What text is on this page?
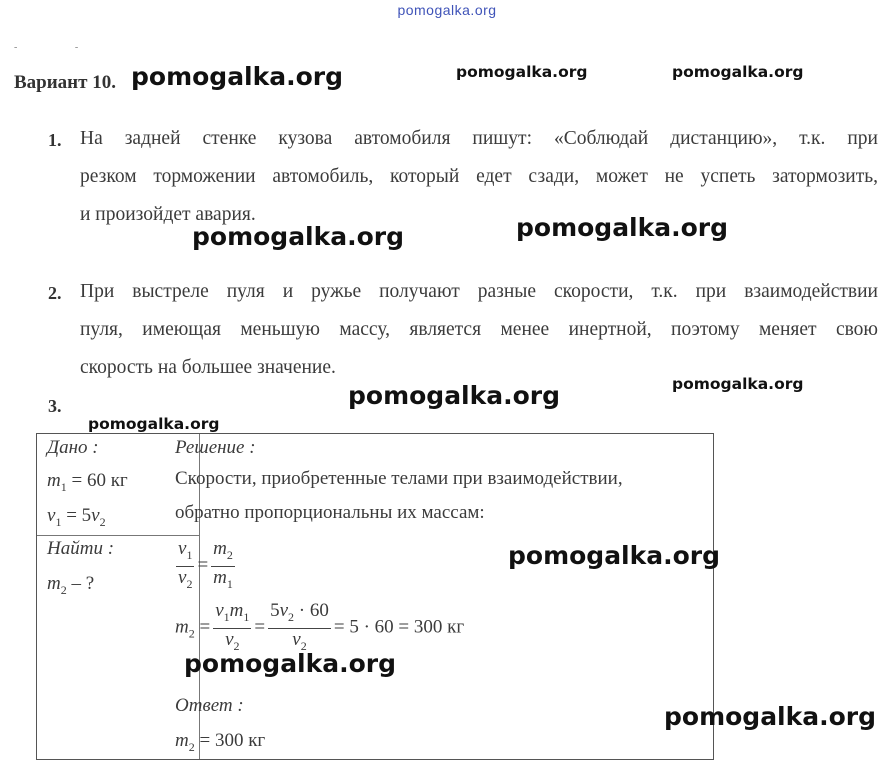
pomogalka.org
-                       -
Вариант 10.
1. На задней стенке кузова автомобиля пишут: «Соблюдай дистанцию», т.к. при
резком торможении автомобиль, который едет сзади, может не успеть затормозить,
и произойдет авария.
2. При выстреле пуля и ружье получают разные скорости, т.к. при взаимодействии
пуля, имеющая меньшую массу, является менее инертной, поэтому меняет свою
скорость на большее значение.
3.
Дано :
$m_1 = 60$ кг
$v_1 = 5v_2$
Найти :
$m_2$ – ?
Решение :
Скорости, приобретенные телами при взаимодействии,
обратно пропорциональны их массам:
$\frac{v_1}{v_2} = \frac{m_2}{m_1}$
$m_2 = \frac{v_1m_1}{v_2} = \frac{5v_2 \cdot 60}{v_2} = 5 \cdot 60 = 300$ кг
Ответ :
$m_2 = 300$ кг
pomogalka.org	pomogalka.org	pomogalka.org
pomogalka.org	pomogalka.org
pomogalka.org	pomogalka.org
pomogalka.org
pomogalka.org
pomogalka.org
pomogalka.org
